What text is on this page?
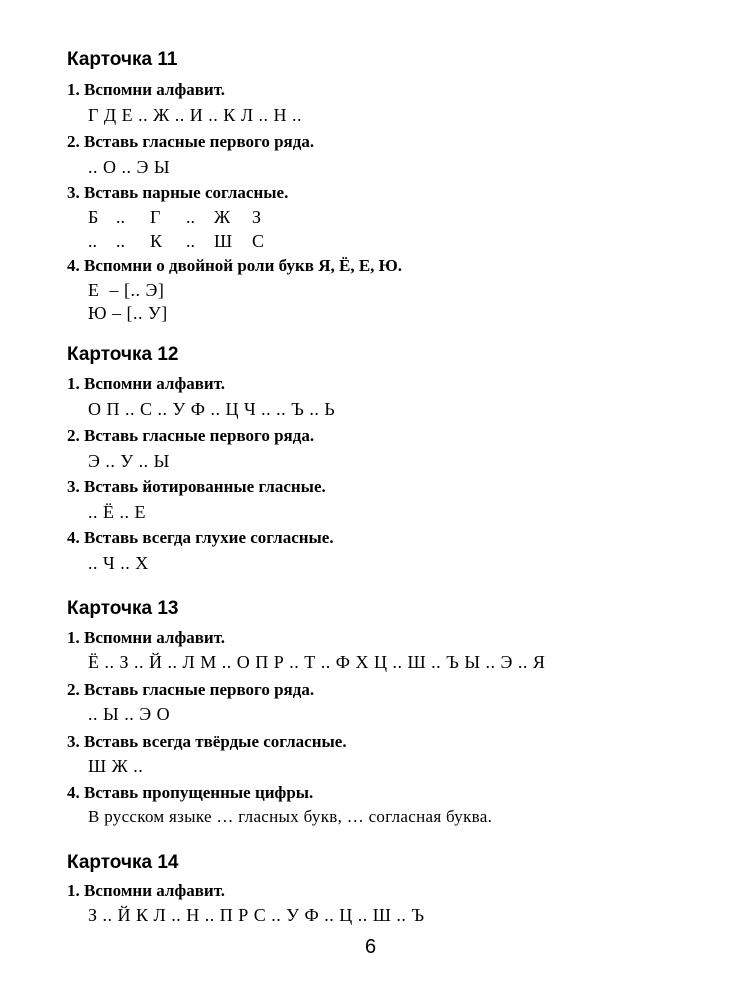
Карточка 11
1. Вспомни алфавит.
Г Д Е .. Ж .. И .. К Л .. Н ..
2. Вставь гласные первого ряда.
.. О .. Э Ы
3. Вставь парные согласные.
Б .. Г .. Ж З
.. .. К .. Ш С
4. Вспомни о двойной роли букв Я, Ё, Е, Ю.
Е  – [.. Э]
Ю – [.. У]
Карточка 12
1. Вспомни алфавит.
О П .. С .. У Ф .. Ц Ч .. .. Ъ .. Ь
2. Вставь гласные первого ряда.
Э .. У .. Ы
3. Вставь йотированные гласные.
.. Ё .. Е
4. Вставь всегда глухие согласные.
.. Ч .. Х
Карточка 13
1. Вспомни алфавит.
Ё .. З .. Й .. Л М .. О П Р .. Т .. Ф Х Ц .. Ш .. Ъ Ы .. Э .. Я
2. Вставь гласные первого ряда.
.. Ы .. Э О
3. Вставь всегда твёрдые согласные.
Ш Ж ..
4. Вставь пропущенные цифры.
В русском языке … гласных букв, … согласная буква.
Карточка 14
1. Вспомни алфавит.
З .. Й К Л .. Н .. П Р С .. У Ф .. Ц .. Ш .. Ъ
6
